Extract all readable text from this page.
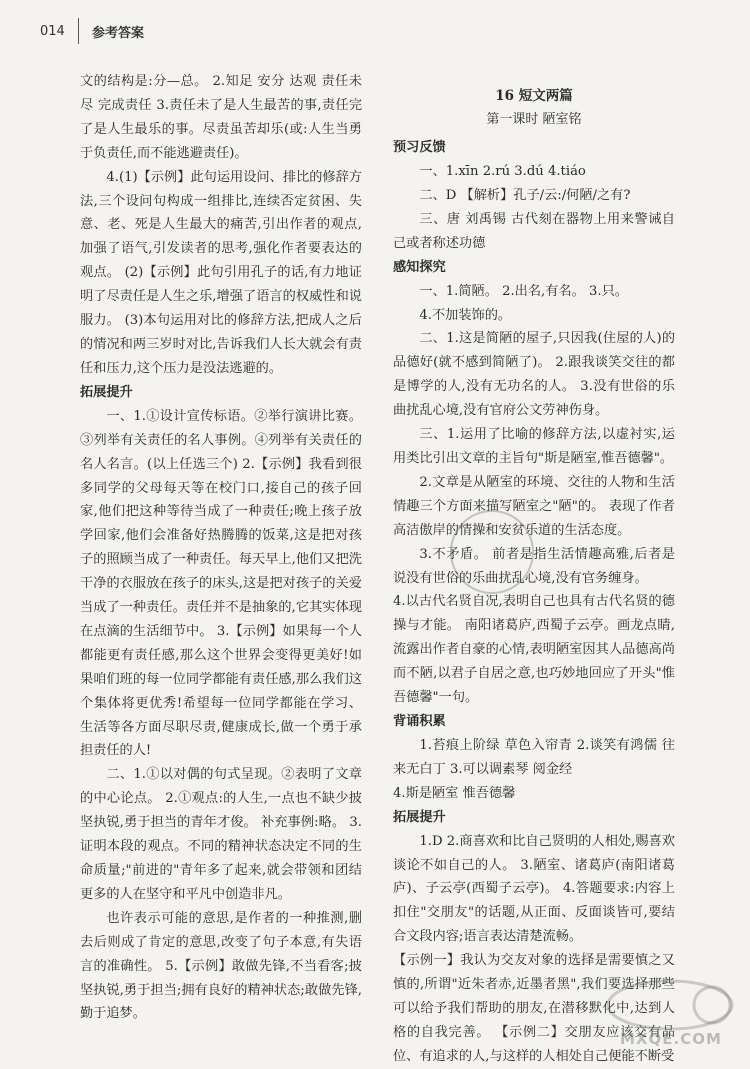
014 参考答案

文的结构是:分—总。 2.知足 安分 达观 责任未尽 完成责任 3.责任未了是人生最苦的事,责任完了是人生最乐的事。尽责虽苦却乐(或:人生当勇于负责任,而不能逃避责任)。

4.(1)【示例】此句运用设问、排比的修辞方法,三个设问句构成一组排比,连续否定贫困、失意、老、死是人生最大的痛苦,引出作者的观点,加强了语气,引发读者的思考,强化作者要表达的观点。 (2)【示例】此句引用孔子的话,有力地证明了尽责任是人生之乐,增强了语言的权威性和说服力。 (3)本句运用对比的修辞方法,把成人之后的情况和两三岁时对比,告诉我们人长大就会有责任和压力,这个压力是没法逃避的。

拓展提升

一、1.①设计宣传标语。②举行演讲比赛。③列举有关责任的名人事例。④列举有关责任的名人名言。(以上任选三个) 2.【示例】我看到很多同学的父母每天等在校门口,接自己的孩子回家,他们把这种等待当成了一种责任;晚上孩子放学回家,他们会准备好热腾腾的饭菜,这是把对孩子的照顾当成了一种责任。每天早上,他们又把洗干净的衣服放在孩子的床头,这是把对孩子的关爱当成了一种责任。责任并不是抽象的,它其实体现在点滴的生活细节中。 3.【示例】如果每一个人都能更有责任感,那么这个世界会变得更美好!如果咱们班的每一位同学都能有责任感,那么我们这个集体将更优秀!希望每一位同学都能在学习、生活等各方面尽职尽责,健康成长,做一个勇于承担责任的人!

二、1.①以对偶的句式呈现。②表明了文章的中心论点。 2.①观点:的人生,一点也不缺少披坚执锐,勇于担当的青年才俊。 补充事例:略。 3.证明本段的观点。不同的精神状态决定不同的生命质量;"前进的"青年多了起来,就会带领和团结更多的人在坚守和平凡中创造非凡。

也许表示可能的意思,是作者的一种推测,删去后则成了肯定的意思,改变了句子本意,有失语言的准确性。 5.【示例】敢做先锋,不当看客;披坚执锐,勇于担当;拥有良好的精神状态;敢做先锋,勤于追梦。

16 短文两篇
第一课时 陋室铭
预习反馈

一、1.xīn 2.rú 3.dú 4.tiáo

二、D 【解析】孔子/云:/何陋/之有?

三、唐 刘禹锡 古代刻在器物上用来警诫自己或者称述功德

感知探究

一、1.简陋。 2.出名,有名。 3.只。

4.不加装饰的。

二、1.这是简陋的屋子,只因我(住屋的人)的品德好(就不感到简陋了)。 2.跟我谈笑交往的都是博学的人,没有无功名的人。 3.没有世俗的乐曲扰乱心境,没有官府公文劳神伤身。

三、1.运用了比喻的修辞方法,以虚衬实,运用类比引出文章的主旨句"斯是陋室,惟吾德馨"。

2.文章是从陋室的环境、交往的人物和生活情趣三个方面来描写陋室之"陋"的。 表现了作者高洁傲岸的情操和安贫乐道的生活态度。

3.不矛盾。 前者是指生活情趣高雅,后者是说没有世俗的乐曲扰乱心境,没有官务缠身。

4.以古代名贤自况,表明自己也具有古代名贤的德操与才能。 南阳诸葛庐,西蜀子云亭。画龙点睛,流露出作者自豪的心情,表明陋室因其人品德高尚而不陋,以君子自居之意,也巧妙地回应了开头"惟吾德馨"一句。

背诵积累

1.苔痕上阶绿 草色入帘青 2.谈笑有鸿儒 往来无白丁 3.可以调素琴 阅金经

4.斯是陋室 惟吾德馨

拓展提升

1.D 2.商喜欢和比自己贤明的人相处,赐喜欢谈论不如自己的人。 3.陋室、诸葛庐(南阳诸葛庐)、子云亭(西蜀子云亭)。 4.答题要求:内容上扣住"交朋友"的话题,从正面、反面谈皆可,要结合文段内容;语言表达清楚流畅。

【示例一】我认为交友对象的选择是需要慎之又慎的,所谓"近朱者赤,近墨者黑",我们要选择那些可以给予我们帮助的朋友,在潜移默化中,达到人格的自我完善。 【示例二】交朋友应该交有品位、有追求的人,与这样的人相处自己便能不断受

MXQE.COM
